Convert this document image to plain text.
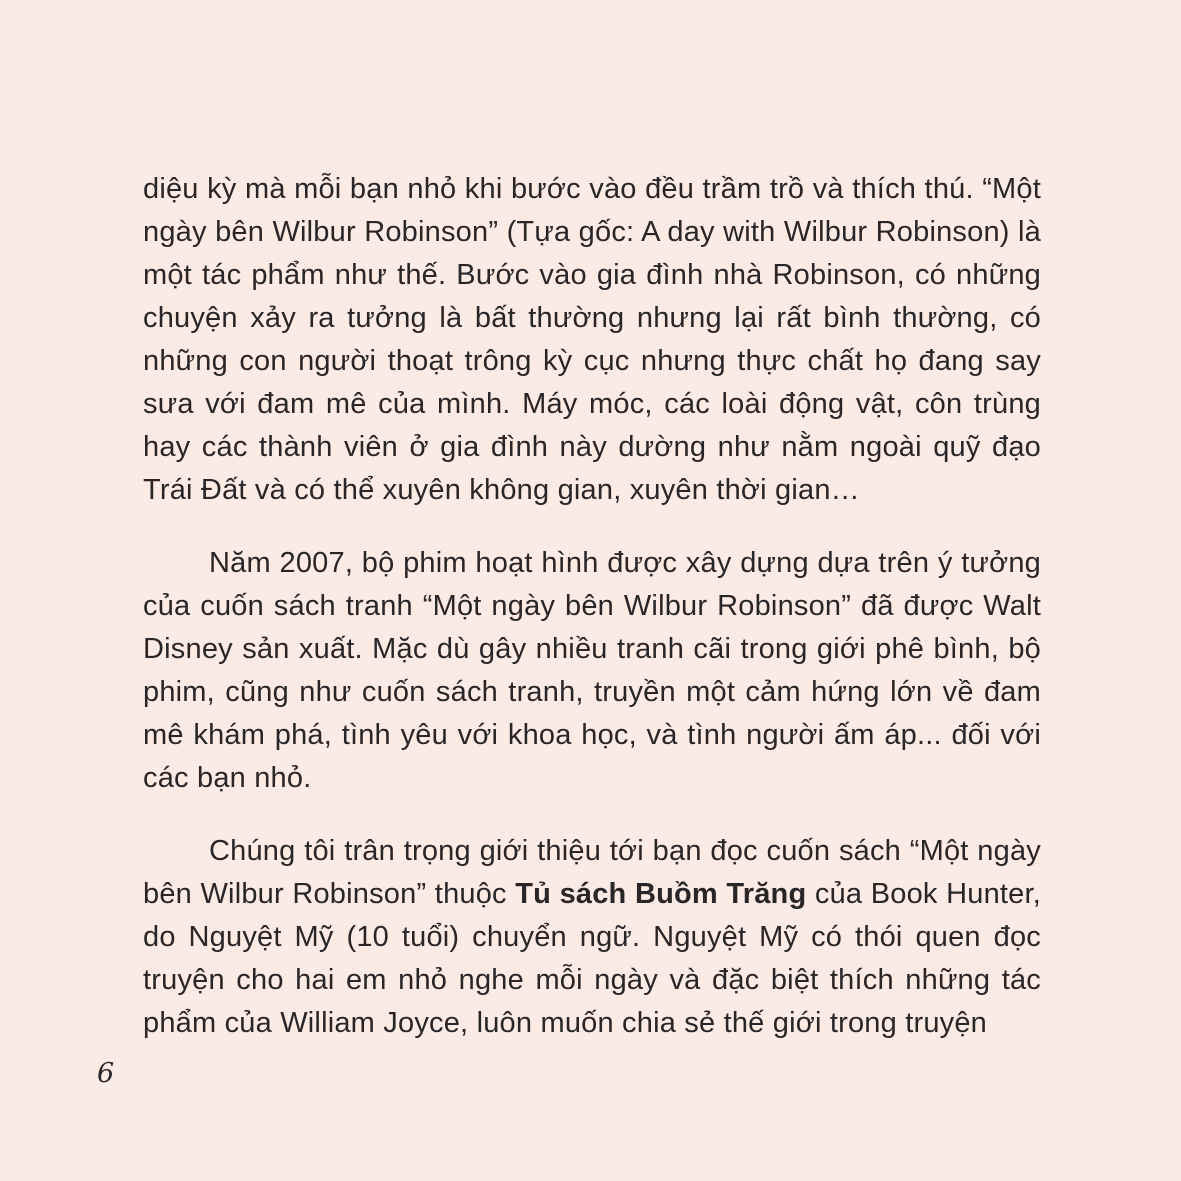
diệu kỳ mà mỗi bạn nhỏ khi bước vào đều trầm trồ và thích thú. “Một ngày bên Wilbur Robinson” (Tựa gốc: A day with Wilbur Robinson) là một tác phẩm như thế. Bước vào gia đình nhà Robinson, có những chuyện xảy ra tưởng là bất thường nhưng lại rất bình thường, có những con người thoạt trông kỳ cục nhưng thực chất họ đang say sưa với đam mê của mình. Máy móc, các loài động vật, côn trùng hay các thành viên ở gia đình này dường như nằm ngoài quỹ đạo Trái Đất và có thể xuyên không gian, xuyên thời gian…

Năm 2007, bộ phim hoạt hình được xây dựng dựa trên ý tưởng của cuốn sách tranh “Một ngày bên Wilbur Robinson” đã được Walt Disney sản xuất. Mặc dù gây nhiều tranh cãi trong giới phê bình, bộ phim, cũng như cuốn sách tranh, truyền một cảm hứng lớn về đam mê khám phá, tình yêu với khoa học, và tình người ấm áp... đối với các bạn nhỏ.

Chúng tôi trân trọng giới thiệu tới bạn đọc cuốn sách “Một ngày bên Wilbur Robinson” thuộc Tủ sách Buồm Trăng của Book Hunter, do Nguyệt Mỹ (10 tuổi) chuyển ngữ. Nguyệt Mỹ có thói quen đọc truyện cho hai em nhỏ nghe mỗi ngày và đặc biệt thích những tác phẩm của William Joyce, luôn muốn chia sẻ thế giới trong truyện

6
